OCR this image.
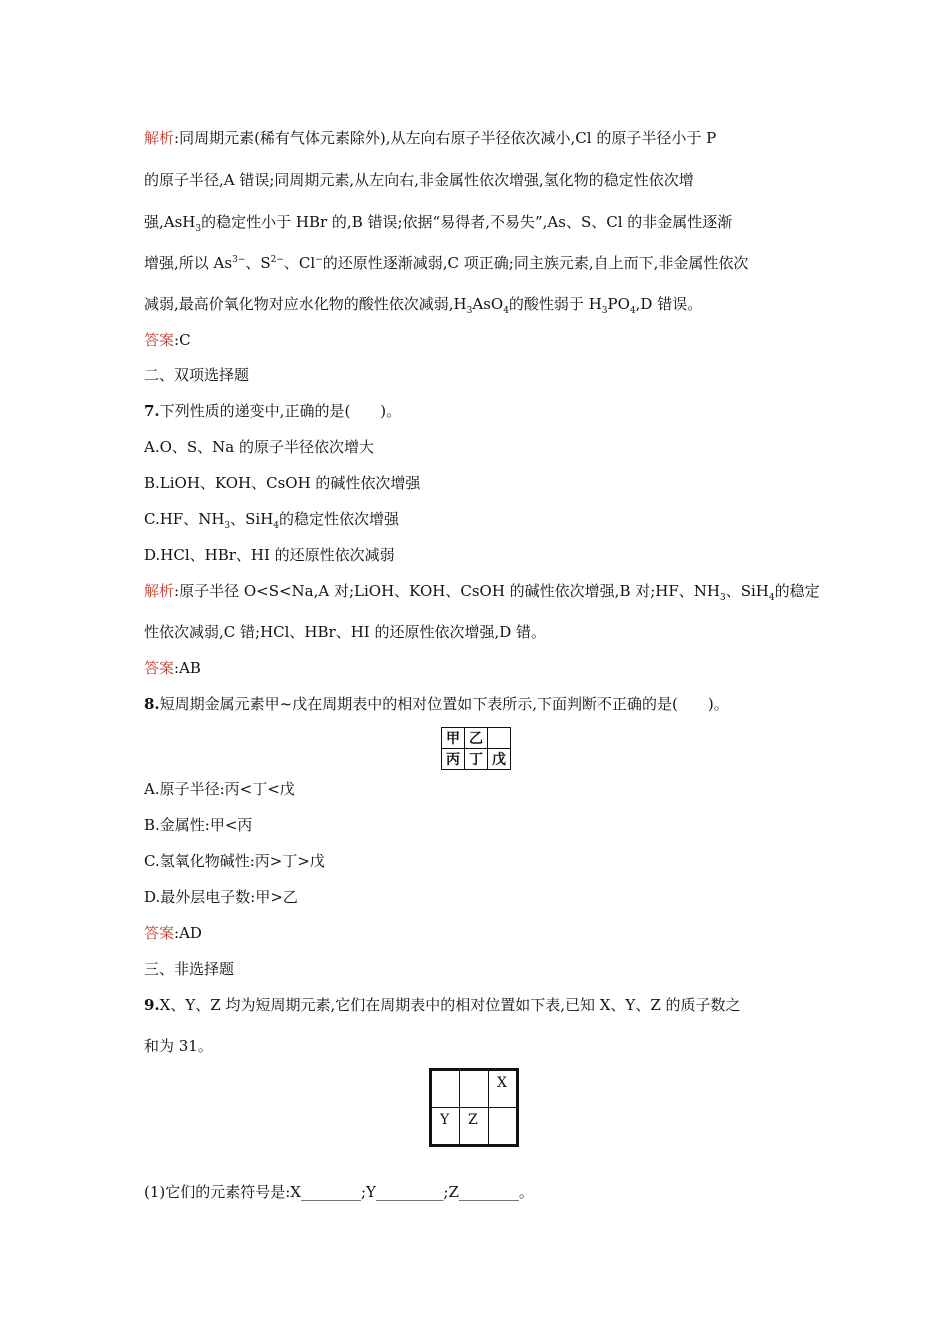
解析:同周期元素(稀有气体元素除外),从左向右原子半径依次减小,Cl 的原子半径小于 P
的原子半径,A 错误;同周期元素,从左向右,非金属性依次增强,氢化物的稳定性依次增
强,AsH$_3$的稳定性小于 HBr 的,B 错误;依据“易得者,不易失”,As、S、Cl 的非金属性逐渐
增强,所以 $As^{3-}$、$S^{2-}$、Cl−的还原性逐渐减弱,C 项正确;同主族元素,自上而下,非金属性依次
减弱,最高价氧化物对应水化物的酸性依次减弱$,H_3AsO_4$的酸性弱于 $H_3PO_4,D$ 错误。
答案:C
二、双项选择题
7.下列性质的递变中,正确的是(　　)。
A.O、S、Na 的原子半径依次增大
B.LiOH、KOH、CsOH 的碱性依次增强
C.HF、$NH_3$、SiH$_4$的稳定性依次增强
D.HCl、HBr、HI 的还原性依次减弱
解析:原子半径 O<S<Na,A 对;LiOH、KOH、CsOH 的碱性依次增强,B 对;HF、$NH_3$、SiH$_4$的稳定
性依次减弱,C 错;HCl、HBr、HI 的还原性依次增强,D 错。
答案:AB
8.短周期金属元素甲~戊在周期表中的相对位置如下表所示,下面判断不正确的是(　　)。
甲	乙	
丙	丁	戊
A.原子半径:丙<丁<戊
B.金属性:甲<丙
C.氢氧化物碱性:丙>丁>戊
D.最外层电子数:甲>乙
答案:AD
三、非选择题
9.X、Y、Z 均为短周期元素,它们在周期表中的相对位置如下表,已知 X、Y、Z 的质子数之
和为 31。
		X
Y	Z	
(1)它们的元素符号是:X________;Y_________;Z________。
